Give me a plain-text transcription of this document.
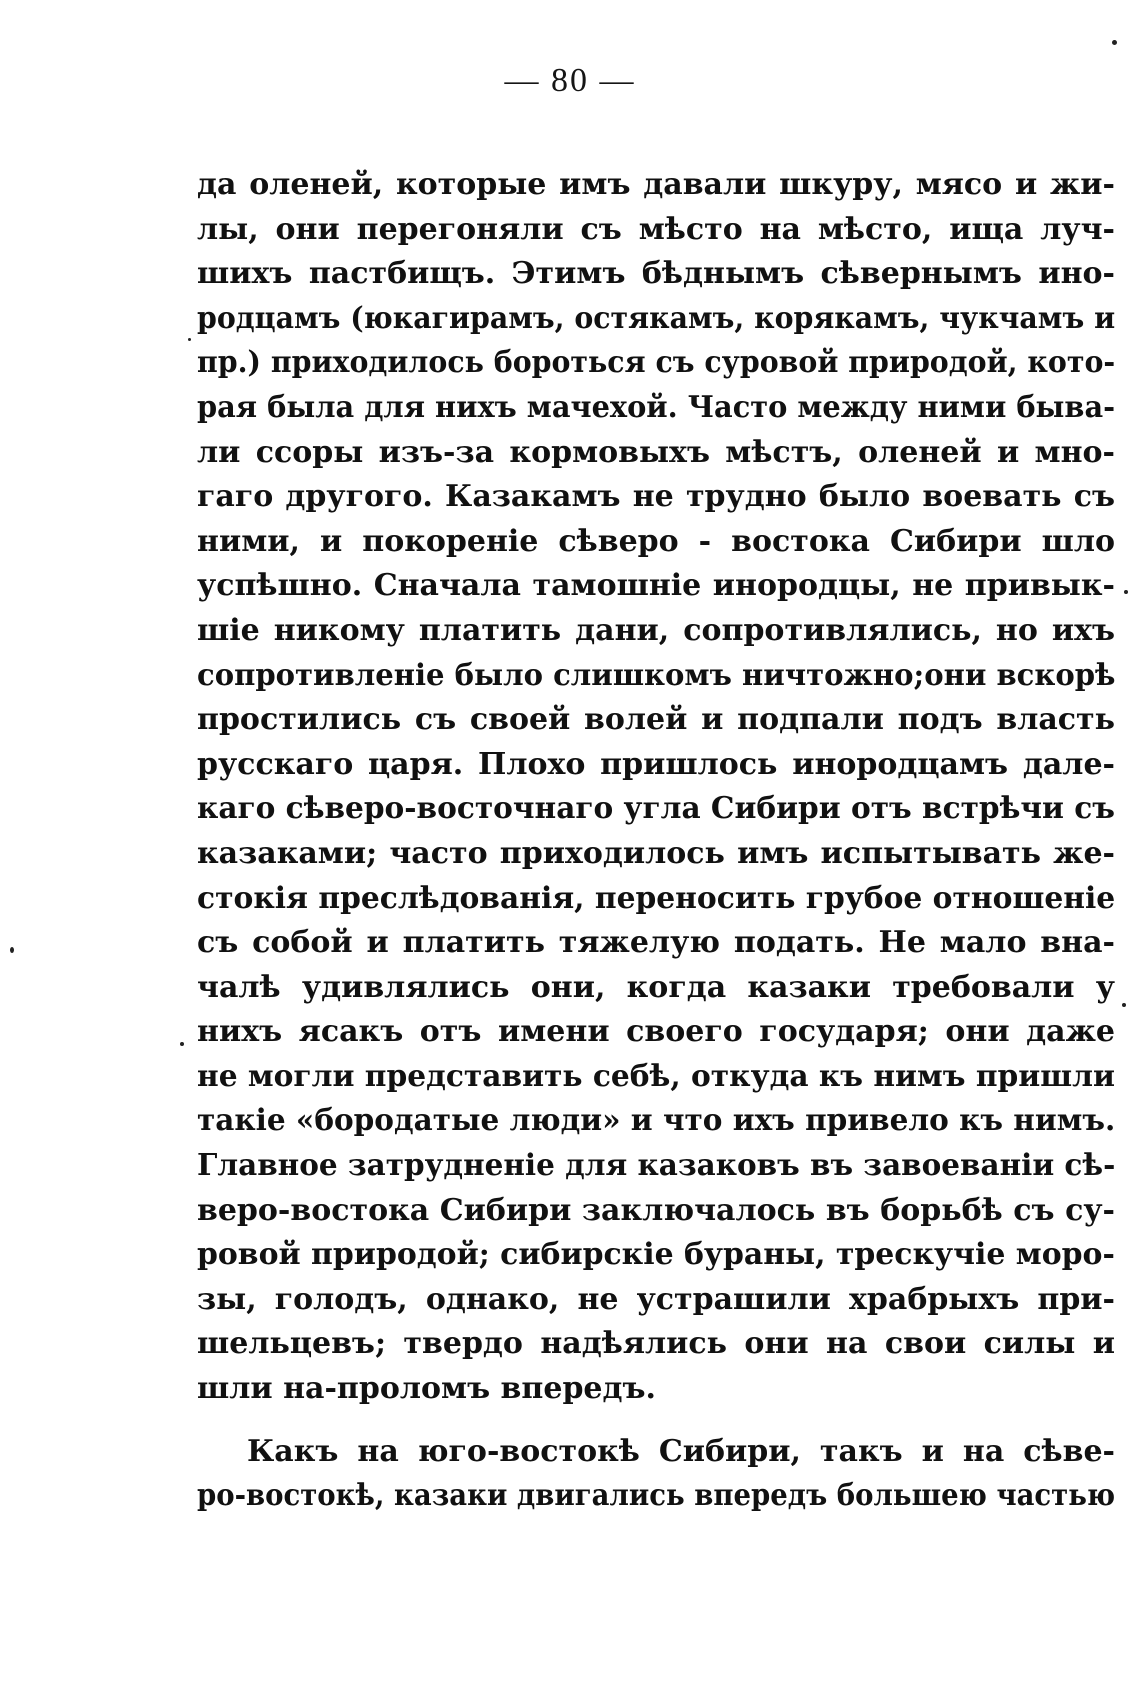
— 80 —
да оленей, которые имъ давали шкуру, мясо и жи-
лы, они перегоняли съ мѣсто на мѣсто, ища луч-
шихъ пастбищъ. Этимъ бѣднымъ сѣвернымъ ино-
родцамъ (юкагирамъ, остякамъ, корякамъ, чукчамъ и
пр.) приходилось бороться съ суровой природой, кото-
рая была для нихъ мачехой. Часто между ними быва-
ли ссоры изъ-за кормовыхъ мѣстъ, оленей и мно-
гаго другого. Казакамъ не трудно было воевать съ
ними, и покореніе сѣверо - востока Сибири шло
успѣшно. Сначала тамошніе инородцы, не привык-
шіе никому платить дани, сопротивлялись, но ихъ
сопротивленіе было слишкомъ ничтожно;они вскорѣ
простились съ своей волей и подпали подъ власть
русскаго царя. Плохо пришлось инородцамъ дале-
каго сѣверо-восточнаго угла Сибири отъ встрѣчи съ
казаками; часто приходилось имъ испытывать же-
стокія преслѣдованія, переносить грубое отношеніе
съ собой и платить тяжелую подать. Не мало вна-
чалѣ удивлялись они, когда казаки требовали у
нихъ ясакъ отъ имени своего государя; они даже
не могли представить себѣ, откуда къ нимъ пришли
такіе «бородатые люди» и что ихъ привело къ нимъ.
Главное затрудненіе для казаковъ въ завоеваніи сѣ-
веро-востока Сибири заключалось въ борьбѣ съ су-
ровой природой; сибирскіе бураны, трескучіе моро-
зы, голодъ, однако, не устрашили храбрыхъ при-
шельцевъ; твердо надѣялись они на свои силы и
шли на-проломъ впередъ.
Какъ на юго-востокѣ Сибири, такъ и на сѣве-
ро-востокѣ, казаки двигались впередъ большею частью
